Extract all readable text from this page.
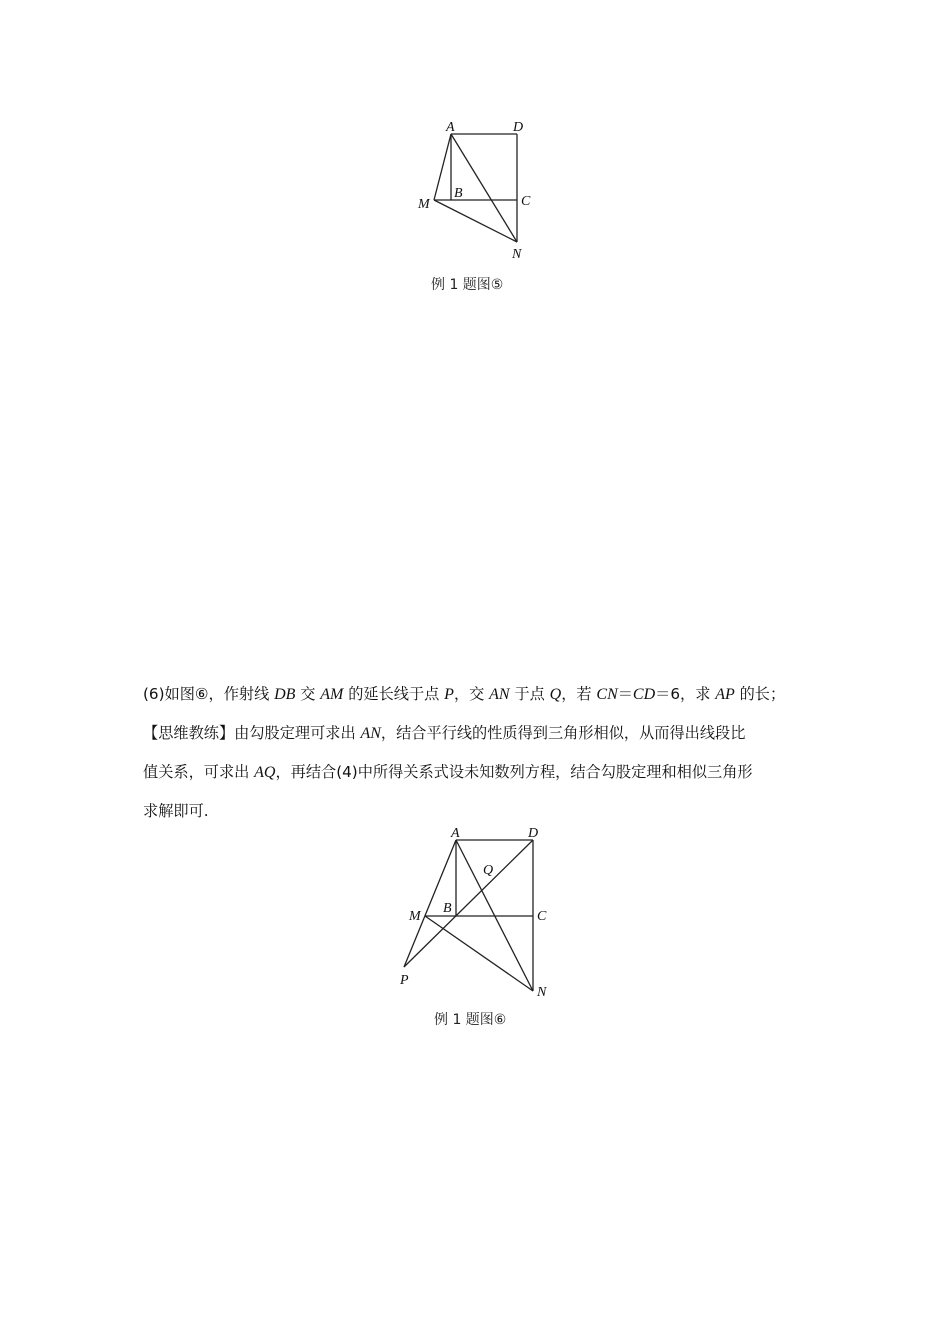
A	D
B
C
M
N
A	D
B
C
M
P
N
Q
例 1 题图⑤
(6)如图⑥，作射线 DB 交 AM 的延长线于点 P，交 AN 于点 Q，若 CN＝CD＝6，求 AP 的长；
【思维教练】由勾股定理可求出 AN，结合平行线的性质得到三角形相似，从而得出线段比
值关系，可求出 AQ，再结合(4)中所得关系式设未知数列方程，结合勾股定理和相似三角形
求解即可.
例 1 题图⑥
